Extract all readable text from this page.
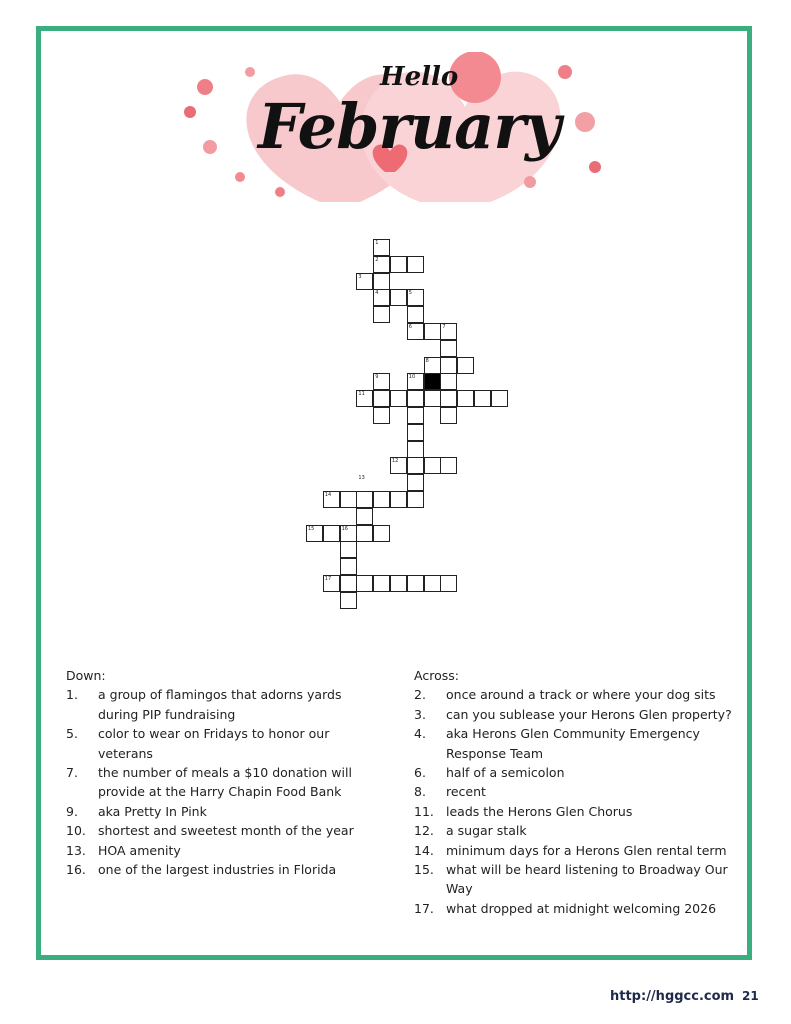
Hello
February
1
2
3
4	5
6	7
8
9	10
11
12
13
14
15	16
17
Down:
1. a group of flamingos that adorns yards during PIP fundraising
5. color to wear on Fridays to honor our veterans
7. the number of meals a $10 donation will provide at the Harry Chapin Food Bank
9. aka Pretty In Pink
10. shortest and sweetest month of the year
13. HOA amenity
16. one of the largest industries in Florida
Across:
2. once around a track or where your dog sits
3. can you sublease your Herons Glen property?
4. aka Herons Glen Community Emergency Response Team
6. half of a semicolon
8. recent
11. leads the Herons Glen Chorus
12. a sugar stalk
14. minimum days for a Herons Glen rental term
15. what will be heard listening to Broadway Our Way
17. what dropped at midnight welcoming 2026
http://hggcc.com 21
